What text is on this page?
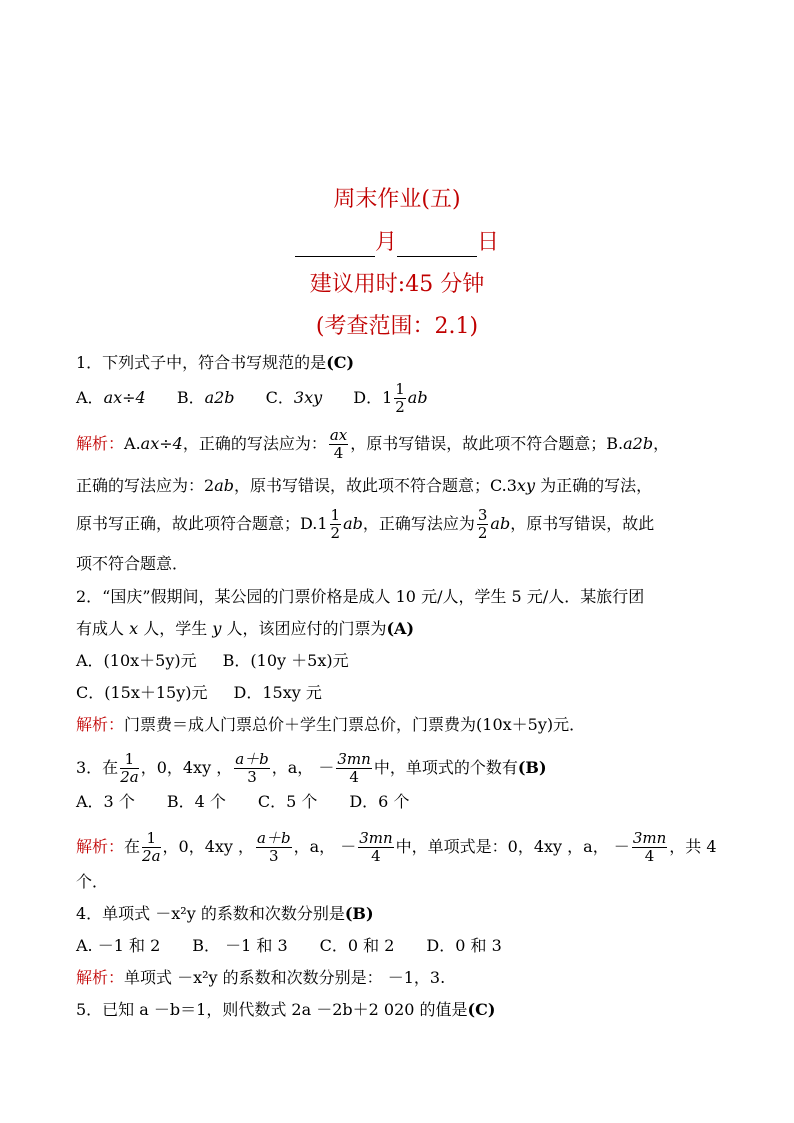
周末作业(五)
月	日
建议用时:45 分钟
(考查范围：2.1)
1．下列式子中，符合书写规范的是(C)
A．ax÷4 B．a2b C．3xy D．$1 \frac{1}{2}$ ab
解析：A.ax÷4，正确的写法应为： $\frac{ax}{4}$ ，原书写错误，故此项不符合题意；B.a2b，
正确的写法应为：2ab，原书写错误，故此项不符合题意；C.3xy 为正确的写法，
原书写正确，故此项符合题意；$D.1 \frac{1}{2}$ ab，正确写法应为 $\frac{3}{2}$ ab，原书写错误，故此
项不符合题意．
2．“国庆”假期间，某公园的门票价格是成人 10 元/人，学生 5 元/人．某旅行团
有成人 x 人，学生 y 人，该团应付的门票为(A)
A．(10x＋5y)元 B．(10y ＋5x)元
C．(15x＋15y)元 D．15xy 元
解析：门票费＝成人门票总价＋学生门票总价，门票费为(10x＋5y)元．
3．在 $\frac{1}{2a}$ ，0，4xy ， $\frac{a+b}{3}$ ，a， － $\frac{3mn}{4}$ 中，单项式的个数有(B)
A．3 个　　B．4 个　　C．5 个　　D．6 个
解析：在 $\frac{1}{2a}$ ，0，4xy ， $\frac{a+b}{3}$ ，a， － $\frac{3mn}{4}$ 中，单项式是：0，4xy ，a， － $\frac{3mn}{4}$ ，共 4
个．
4．单项式 －x²y 的系数和次数分别是(B)
A. －1 和 2　　B． －1 和 3　　C．0 和 2　　D．0 和 3
解析：单项式 －x²y 的系数和次数分别是： －1，3.
5．已知 a －b＝1，则代数式 2a －2b＋2 020 的值是(C)
